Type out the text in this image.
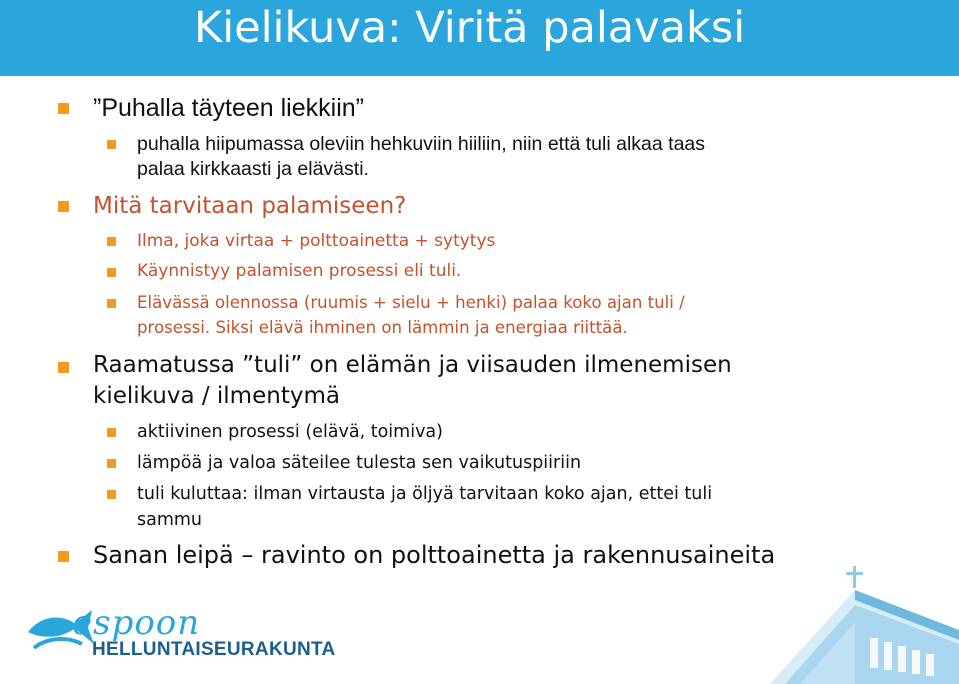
Kielikuva: Viritä palavaksi

”Puhalla täyteen liekkiin”

puhalla hiipumassa oleviin hehkuviin hiiliin, niin että tuli alkaa taas

palaa kirkkaasti ja elävästi.

Mitä tarvitaan palamiseen?

Ilma, joka virtaa + polttoainetta + sytytys

Käynnistyy palamisen prosessi eli tuli.

Elävässä olennossa (ruumis + sielu + henki) palaa koko ajan tuli /

prosessi. Siksi elävä ihminen on lämmin ja energiaa riittää.

Raamatussa ”tuli” on elämän ja viisauden ilmenemisen

kielikuva / ilmentymä

aktiivinen prosessi (elävä, toimiva)

lämpöä ja valoa säteilee tulesta sen vaikutuspiiriin

tuli kuluttaa: ilman virtausta ja öljyä tarvitaan koko ajan, ettei tuli

sammu

Sanan leipä – ravinto on polttoainetta ja rakennusaineita

espoon

HELLUNTAISEURAKUNTA
